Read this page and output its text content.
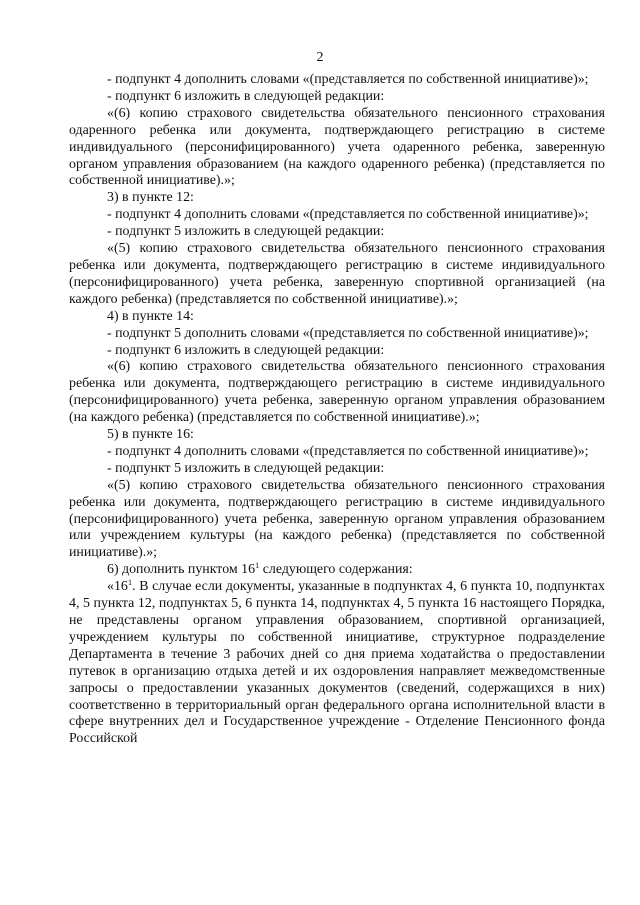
2

- подпункт 4 дополнить словами «(представляется по собственной инициативе)»;

- подпункт 6 изложить в следующей редакции:

«(6) копию страхового свидетельства обязательного пенсионного страхования одаренного ребенка или документа, подтверждающего регистрацию в системе индивидуального (персонифицированного) учета одаренного ребенка, заверенную органом управления образованием (на каждого одаренного ребенка) (представляется по собственной инициативе).»;

3) в пункте 12:

- подпункт 4 дополнить словами «(представляется по собственной инициативе)»;

- подпункт 5 изложить в следующей редакции:

«(5) копию страхового свидетельства обязательного пенсионного страхования ребенка или документа, подтверждающего регистрацию в системе индивидуального (персонифицированного) учета ребенка, заверенную спортивной организацией (на каждого ребенка) (представляется по собственной инициативе).»;

4) в пункте 14:

- подпункт 5 дополнить словами «(представляется по собственной инициативе)»;

- подпункт 6 изложить в следующей редакции:

«(6) копию страхового свидетельства обязательного пенсионного страхования ребенка или документа, подтверждающего регистрацию в системе индивидуального (персонифицированного) учета ребенка, заверенную органом управления образованием (на каждого ребенка) (представляется по собственной инициативе).»;

5) в пункте 16:

- подпункт 4 дополнить словами «(представляется по собственной инициативе)»;

- подпункт 5 изложить в следующей редакции:

«(5) копию страхового свидетельства обязательного пенсионного страхования ребенка или документа, подтверждающего регистрацию в системе индивидуального (персонифицированного) учета ребенка, заверенную органом управления образованием или учреждением культуры (на каждого ребенка) (представляется по собственной инициативе).»;

6) дополнить пунктом $16^1$ следующего содержания:

«$16^1$. В случае если документы, указанные в подпунктах 4, 6 пункта 10, подпунктах 4, 5 пункта 12, подпунктах 5, 6 пункта 14, подпунктах 4, 5 пункта 16 настоящего Порядка, не представлены органом управления образованием, спортивной организацией, учреждением культуры по собственной инициативе, структурное подразделение Департамента в течение 3 рабочих дней со дня приема ходатайства о предоставлении путевок в организацию отдыха детей и их оздоровления направляет межведомственные запросы о предоставлении указанных документов (сведений, содержащихся в них) соответственно в территориальный орган федерального органа исполнительной власти в сфере внутренних дел и Государственное учреждение - Отделение Пенсионного фонда Российской
